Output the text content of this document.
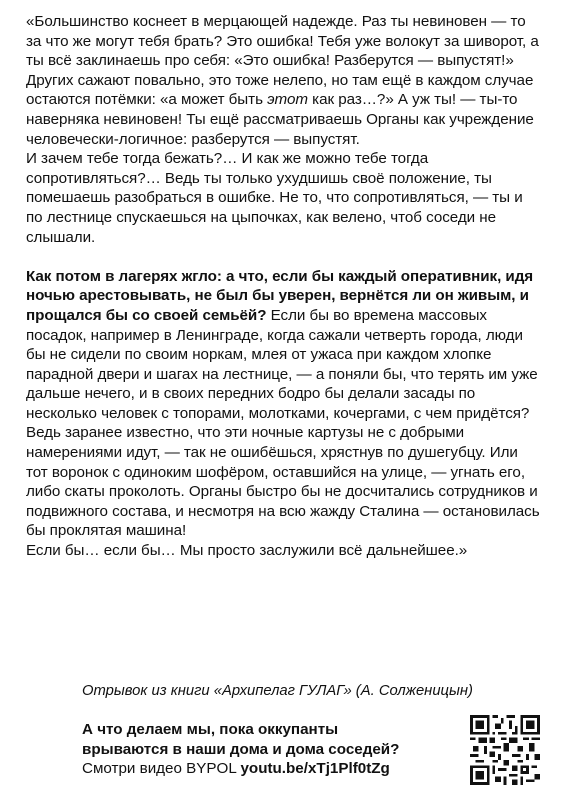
«Большинство коснеет в мерцающей надежде. Раз ты невиновен — то за что же могут тебя брать? Это ошибка! Тебя уже волокут за шиворот, а ты всё заклинаешь про себя: «Это ошибка! Разберутся — выпустят!» Других сажают повально, это тоже нелепо, но там ещё в каждом случае остаются потёмки: «а может быть этот как раз…?» А уж ты! — ты-то наверняка невиновен! Ты ещё рассматриваешь Органы как учреждение человечески-логичное: разберутся — выпустят.

И зачем тебе тогда бежать?… И как же можно тебе тогда сопротивляться?… Ведь ты только ухудшишь своё положение, ты помешаешь разобраться в ошибке. Не то, что сопротивляться, — ты и по лестнице спускаешься на цыпочках, как велено, чтоб соседи не слышали.

Как потом в лагерях жгло: а что, если бы каждый оперативник, идя ночью арестовывать, не был бы уверен, вернётся ли он живым, и прощался бы со своей семьёй? Если бы во времена массовых посадок, например в Ленинграде, когда сажали четверть города, люди бы не сидели по своим норкам, млея от ужаса при каждом хлопке парадной двери и шагах на лестнице, — а поняли бы, что терять им уже дальше нечего, и в своих передних бодро бы делали засады по несколько человек с топорами, молотками, кочергами, с чем придётся? Ведь заранее известно, что эти ночные картузы не с добрыми намерениями идут, — так не ошибёшься, хрястнув по душегубцу. Или тот воронок с одиноким шофёром, оставшийся на улице, — угнать его, либо скаты проколоть. Органы быстро бы не досчитались сотрудников и подвижного состава, и несмотря на всю жажду Сталина — остановилась бы проклятая машина!

Если бы… если бы… Мы просто заслужили всё дальнейшее.»

Отрывок из книги «Архипелаг ГУЛАГ» (А. Солженицын)
А что делаем мы, пока оккупанты
врываются в наши дома и дома соседей?
Смотри видео BYPOL youtu.be/xTj1Plf0tZg
